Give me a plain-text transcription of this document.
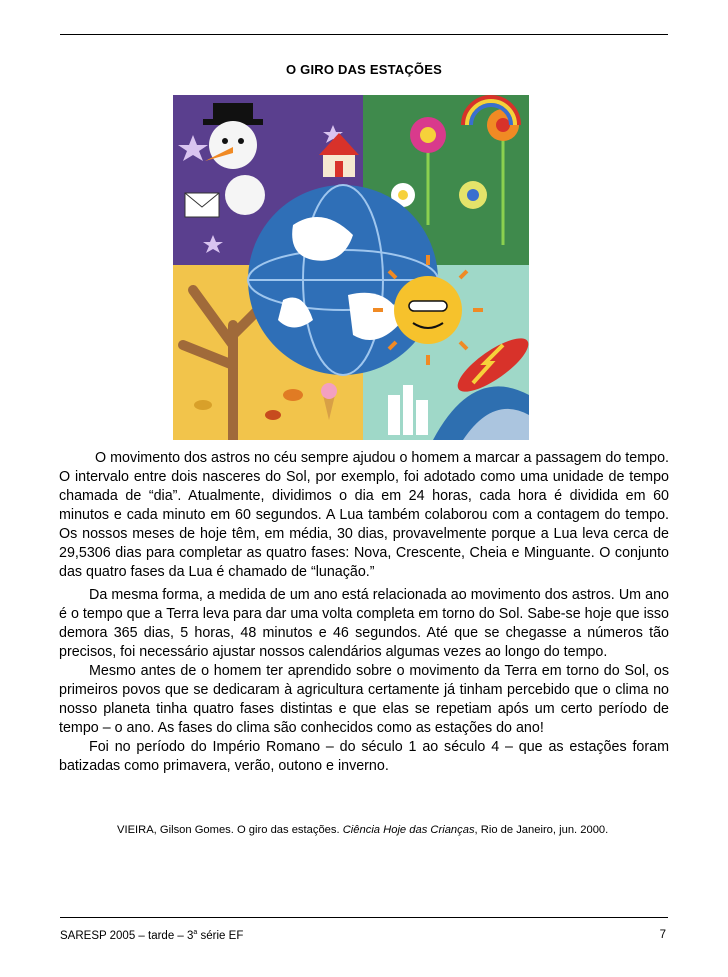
O GIRO DAS ESTAÇÕES

O movimento dos astros no céu sempre ajudou o homem a marcar a passagem do tempo. O intervalo entre dois nasceres do Sol, por exemplo, foi adotado como uma unidade de tempo chamada de “dia”. Atualmente, dividimos o dia em 24 horas, cada hora é dividida em 60 minutos e cada minuto em 60 segundos. A Lua também colaborou com a contagem do tempo. Os nossos meses de hoje têm, em média, 30 dias, provavelmente porque a Lua leva cerca de 29,5306 dias para completar as quatro fases: Nova, Crescente, Cheia e Minguante. O conjunto das quatro fases da Lua é chamado de “lunação.”

Da mesma forma, a medida de um ano está relacionada ao movimento dos astros. Um ano é o tempo que a Terra leva para dar uma volta completa em torno do Sol. Sabe-se hoje que isso demora 365 dias, 5 horas, 48 minutos e 46 segundos. Até que se chegasse a números tão precisos, foi necessário ajustar nossos calendários algumas vezes ao longo do tempo.

Mesmo antes de o homem ter aprendido sobre o movimento da Terra em torno do Sol, os primeiros povos que se dedicaram à agricultura certamente já tinham percebido que o clima no nosso planeta tinha quatro fases distintas e que elas se repetiam após um certo período de tempo – o ano. As fases do clima são conhecidos como as estações do ano!

Foi no período do Império Romano – do século 1 ao século 4 – que as estações foram batizadas como primavera, verão, outono e inverno.

VIEIRA, Gilson Gomes. O giro das estações. Ciência Hoje das Crianças, Rio de Janeiro, jun. 2000.
SARESP 2005 – tarde – 3$^a$ série EF	7
